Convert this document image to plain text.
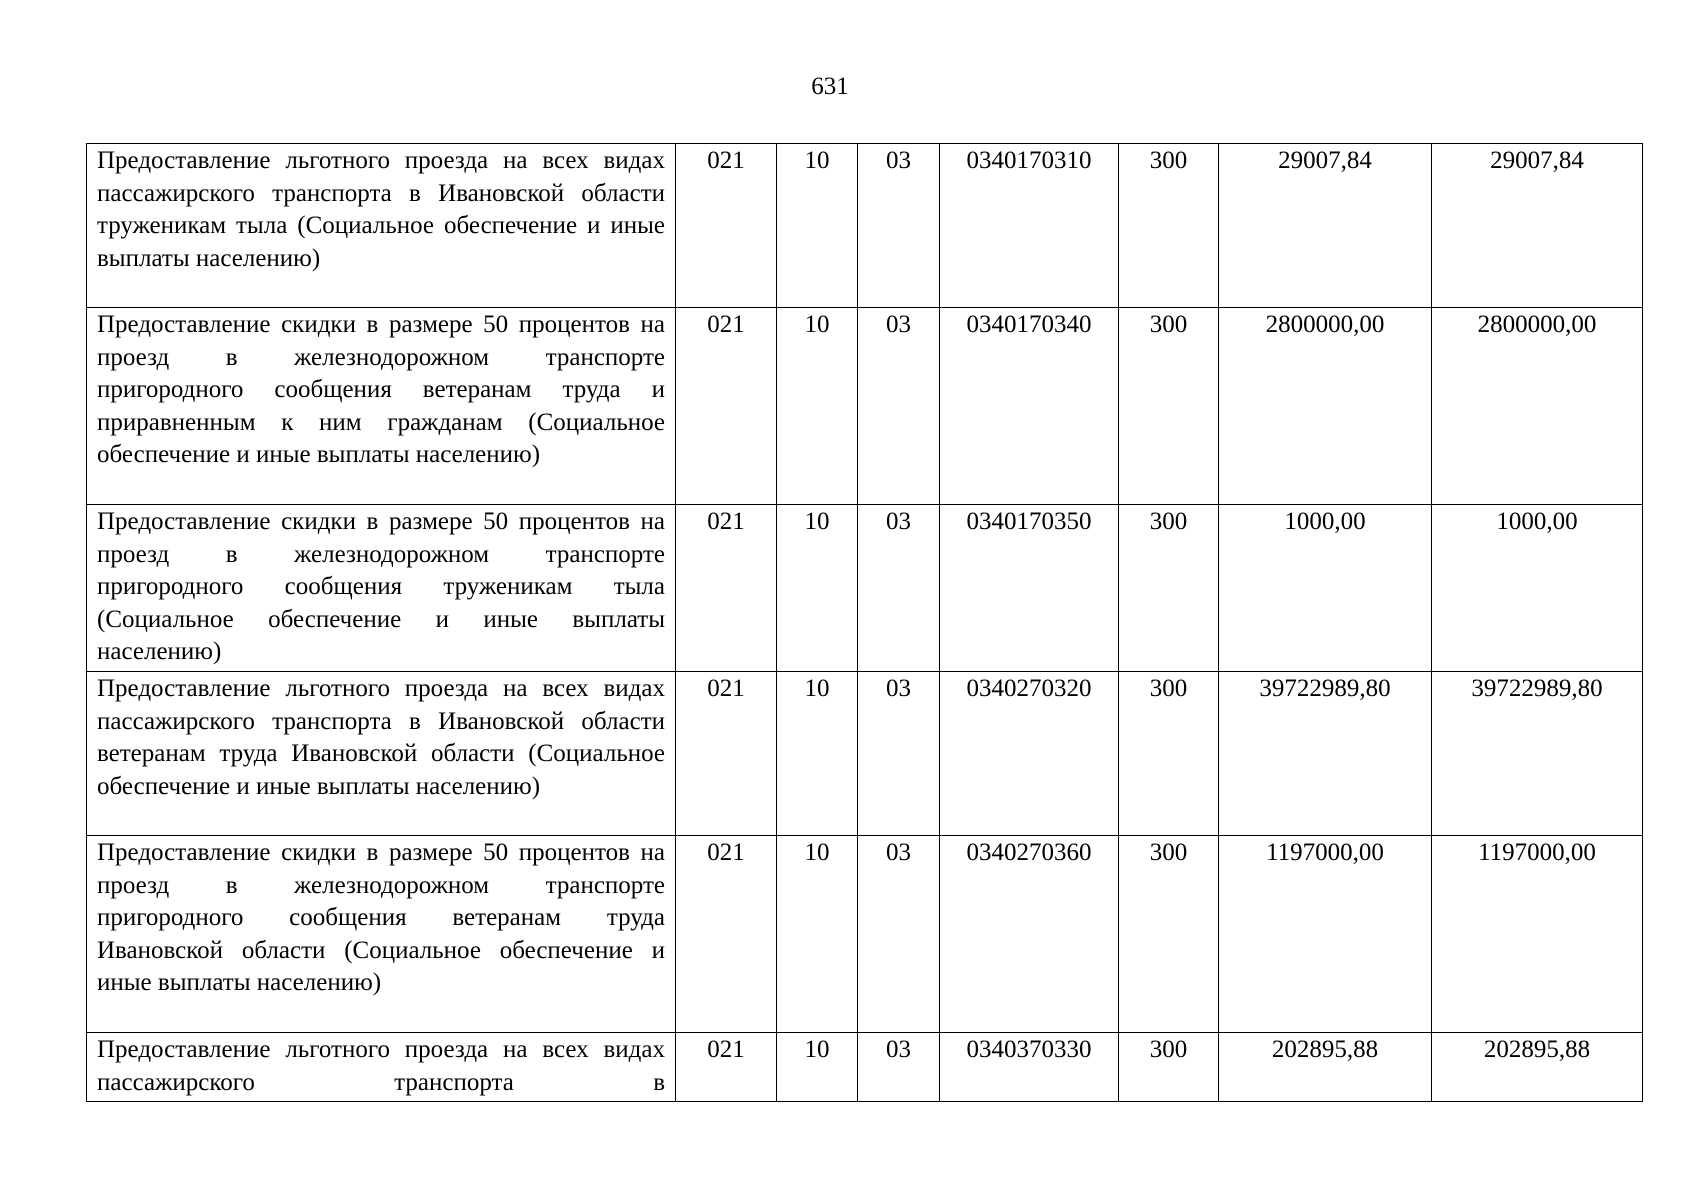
631
Предоставление льготного проезда на всех видах пассажирского транспорта в Ивановской области труженикам тыла (Социальное обеспечение и иные выплаты населению)	021	10	03	0340170310	300	29007,84	29007,84
Предоставление скидки в размере 50 процентов на проезд в железнодорожном транспорте пригородного сообщения ветеранам труда и приравненным к ним гражданам (Социальное обеспечение и иные выплаты населению)	021	10	03	0340170340	300	2800000,00	2800000,00
Предоставление скидки в размере 50 процентов на проезд в железнодорожном транспорте пригородного сообщения труженикам тыла (Социальное обеспечение и иные выплаты населению)	021	10	03	0340170350	300	1000,00	1000,00
Предоставление льготного проезда на всех видах пассажирского транспорта в Ивановской области ветеранам труда Ивановской области (Социальное обеспечение и иные выплаты населению)	021	10	03	0340270320	300	39722989,80	39722989,80
Предоставление скидки в размере 50 процентов на проезд в железнодорожном транспорте пригородного сообщения ветеранам труда Ивановской области (Социальное обеспечение и иные выплаты населению)	021	10	03	0340270360	300	1197000,00	1197000,00
Предоставление льготного проезда на всех видах пассажирского транспорта в	021	10	03	0340370330	300	202895,88	202895,88
